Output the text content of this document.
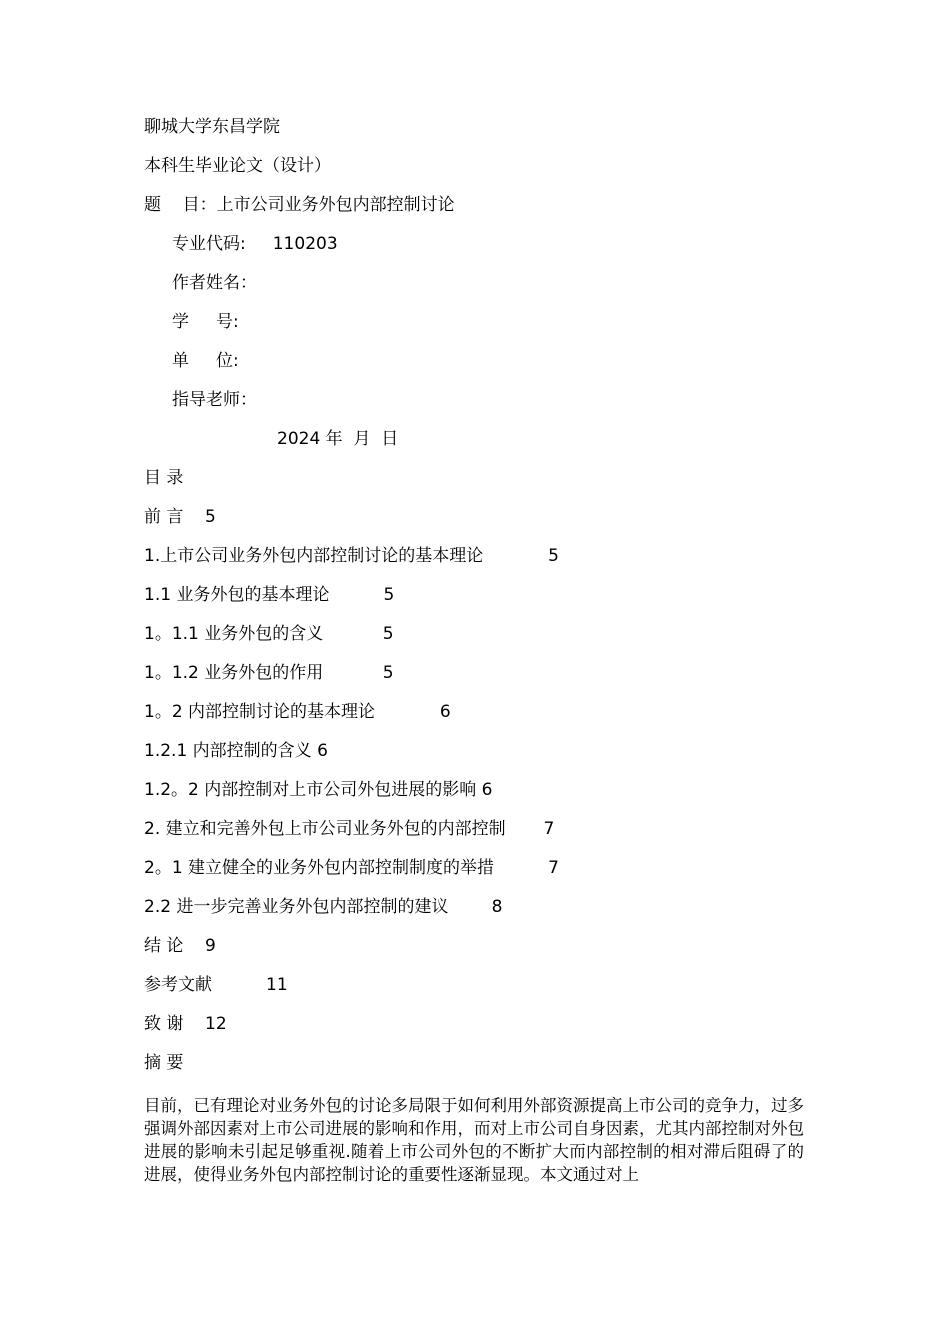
聊城大学东昌学院

本科生毕业论文（设计）

题    目：上市公司业务外包内部控制讨论

专业代码:     110203

作者姓名：

学     号:

单     位:

指导老师：

2024 年  月  日

目 录

前 言    5

1.上市公司业务外包内部控制讨论的基本理论            5

1.1 业务外包的基本理论          5

1。1.1 业务外包的含义           5

1。1.2 业务外包的作用           5

1。2 内部控制讨论的基本理论            6

1.2.1 内部控制的含义 6

1.2。2 内部控制对上市公司外包进展的影响 6

2. 建立和完善外包上市公司业务外包的内部控制       7

2。1 建立健全的业务外包内部控制制度的举措          7

2.2 进一步完善业务外包内部控制的建议        8

结 论    9

参考文献          11

致 谢    12

摘 要

目前，已有理论对业务外包的讨论多局限于如何利用外部资源提高上市公司的竞争力，过多强调外部因素对上市公司进展的影响和作用，而对上市公司自身因素，尤其内部控制对外包进展的影响未引起足够重视.随着上市公司外包的不断扩大而内部控制的相对滞后阻碍了的进展，使得业务外包内部控制讨论的重要性逐渐显现。本文通过对上
